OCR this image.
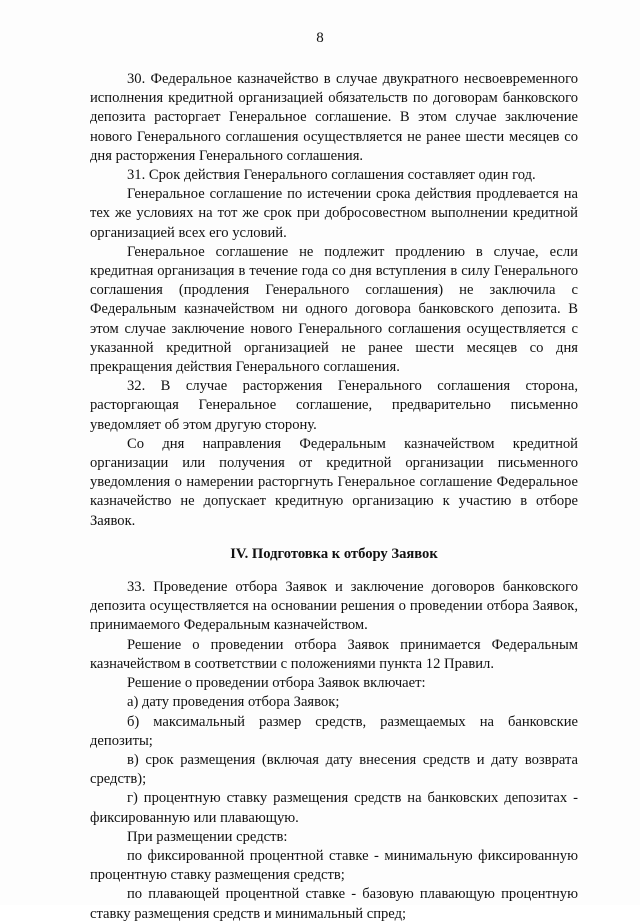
8

30. Федеральное казначейство в случае двукратного несвоевременного исполнения кредитной организацией обязательств по договорам банковского депозита расторгает Генеральное соглашение. В этом случае заключение нового Генерального соглашения осуществляется не ранее шести месяцев со дня расторжения Генерального соглашения.

31. Срок действия Генерального соглашения составляет один год.

Генеральное соглашение по истечении срока действия продлевается на тех же условиях на тот же срок при добросовестном выполнении кредитной организацией всех его условий.

Генеральное соглашение не подлежит продлению в случае, если кредитная организация в течение года со дня вступления в силу Генерального соглашения (продления Генерального соглашения) не заключила с Федеральным казначейством ни одного договора банковского депозита. В этом случае заключение нового Генерального соглашения осуществляется с указанной кредитной организацией не ранее шести месяцев со дня прекращения действия Генерального соглашения.

32. В случае расторжения Генерального соглашения сторона, расторгающая Генеральное соглашение, предварительно письменно уведомляет об этом другую сторону.

Со дня направления Федеральным казначейством кредитной организации или получения от кредитной организации письменного уведомления о намерении расторгнуть Генеральное соглашение Федеральное казначейство не допускает кредитную организацию к участию в отборе Заявок.

IV. Подготовка к отбору Заявок

33. Проведение отбора Заявок и заключение договоров банковского депозита осуществляется на основании решения о проведении отбора Заявок, принимаемого Федеральным казначейством.

Решение о проведении отбора Заявок принимается Федеральным казначейством в соответствии с положениями пункта 12 Правил.

Решение о проведении отбора Заявок включает:

а) дату проведения отбора Заявок;

б) максимальный размер средств, размещаемых на банковские депозиты;

в) срок размещения (включая дату внесения средств и дату возврата средств);

г) процентную ставку размещения средств на банковских депозитах - фиксированную или плавающую.

При размещении средств:

по фиксированной процентной ставке - минимальную фиксированную процентную ставку размещения средств;

по плавающей процентной ставке - базовую плавающую процентную ставку размещения средств и минимальный спред;
